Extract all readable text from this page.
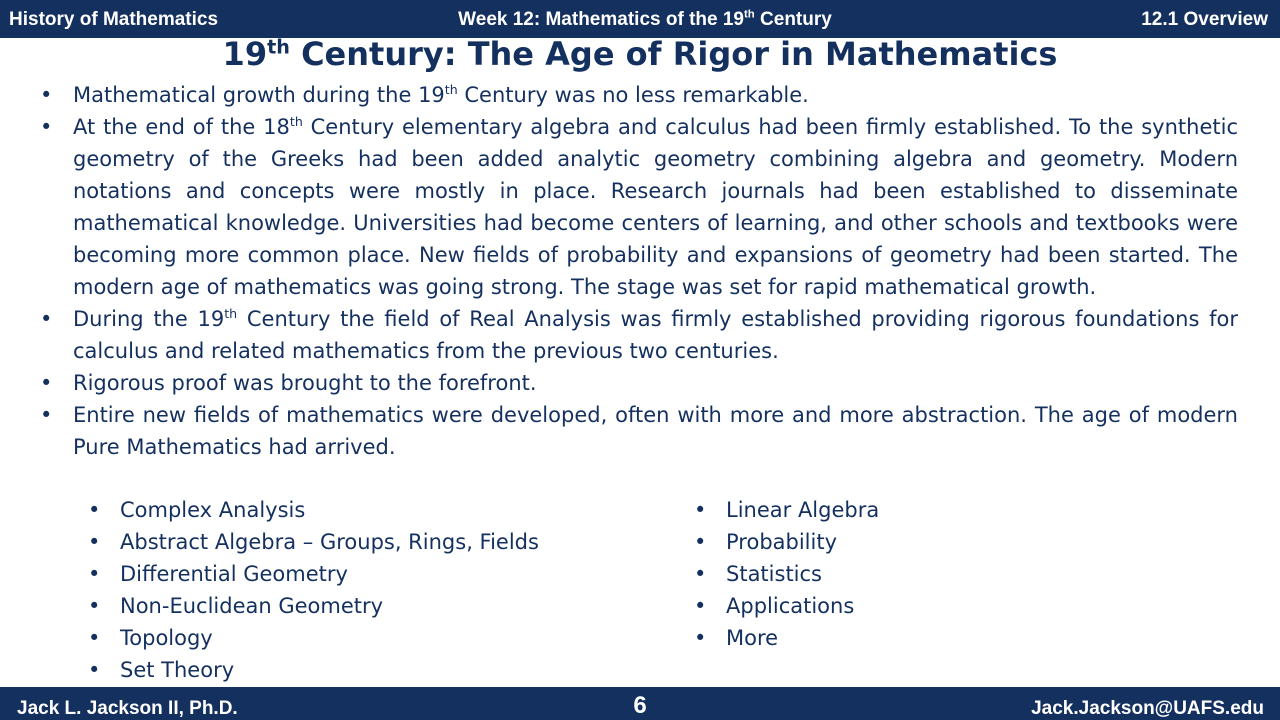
History of Mathematics	Week 12: Mathematics of the 19th Century	12.1 Overview
19th Century: The Age of Rigor in Mathematics
• Mathematical growth during the 19th Century was no less remarkable.
• At the end of the 18th Century elementary algebra and calculus had been firmly established. To the synthetic geometry of the Greeks had been added analytic geometry combining algebra and geometry. Modern notations and concepts were mostly in place. Research journals had been established to disseminate mathematical knowledge. Universities had become centers of learning, and other schools and textbooks were becoming more common place. New fields of probability and expansions of geometry had been started. The modern age of mathematics was going strong. The stage was set for rapid mathematical growth.
• During the 19th Century the field of Real Analysis was firmly established providing rigorous foundations for calculus and related mathematics from the previous two centuries.
• Rigorous proof was brought to the forefront.
• Entire new fields of mathematics were developed, often with more and more abstraction. The age of modern Pure Mathematics had arrived.
• Complex Analysis
• Abstract Algebra – Groups, Rings, Fields
• Differential Geometry
• Non-Euclidean Geometry
• Topology
• Set Theory
• Linear Algebra
• Probability
• Statistics
• Applications
• More
Jack L. Jackson II, Ph.D.	6	Jack.Jackson@UAFS.edu
